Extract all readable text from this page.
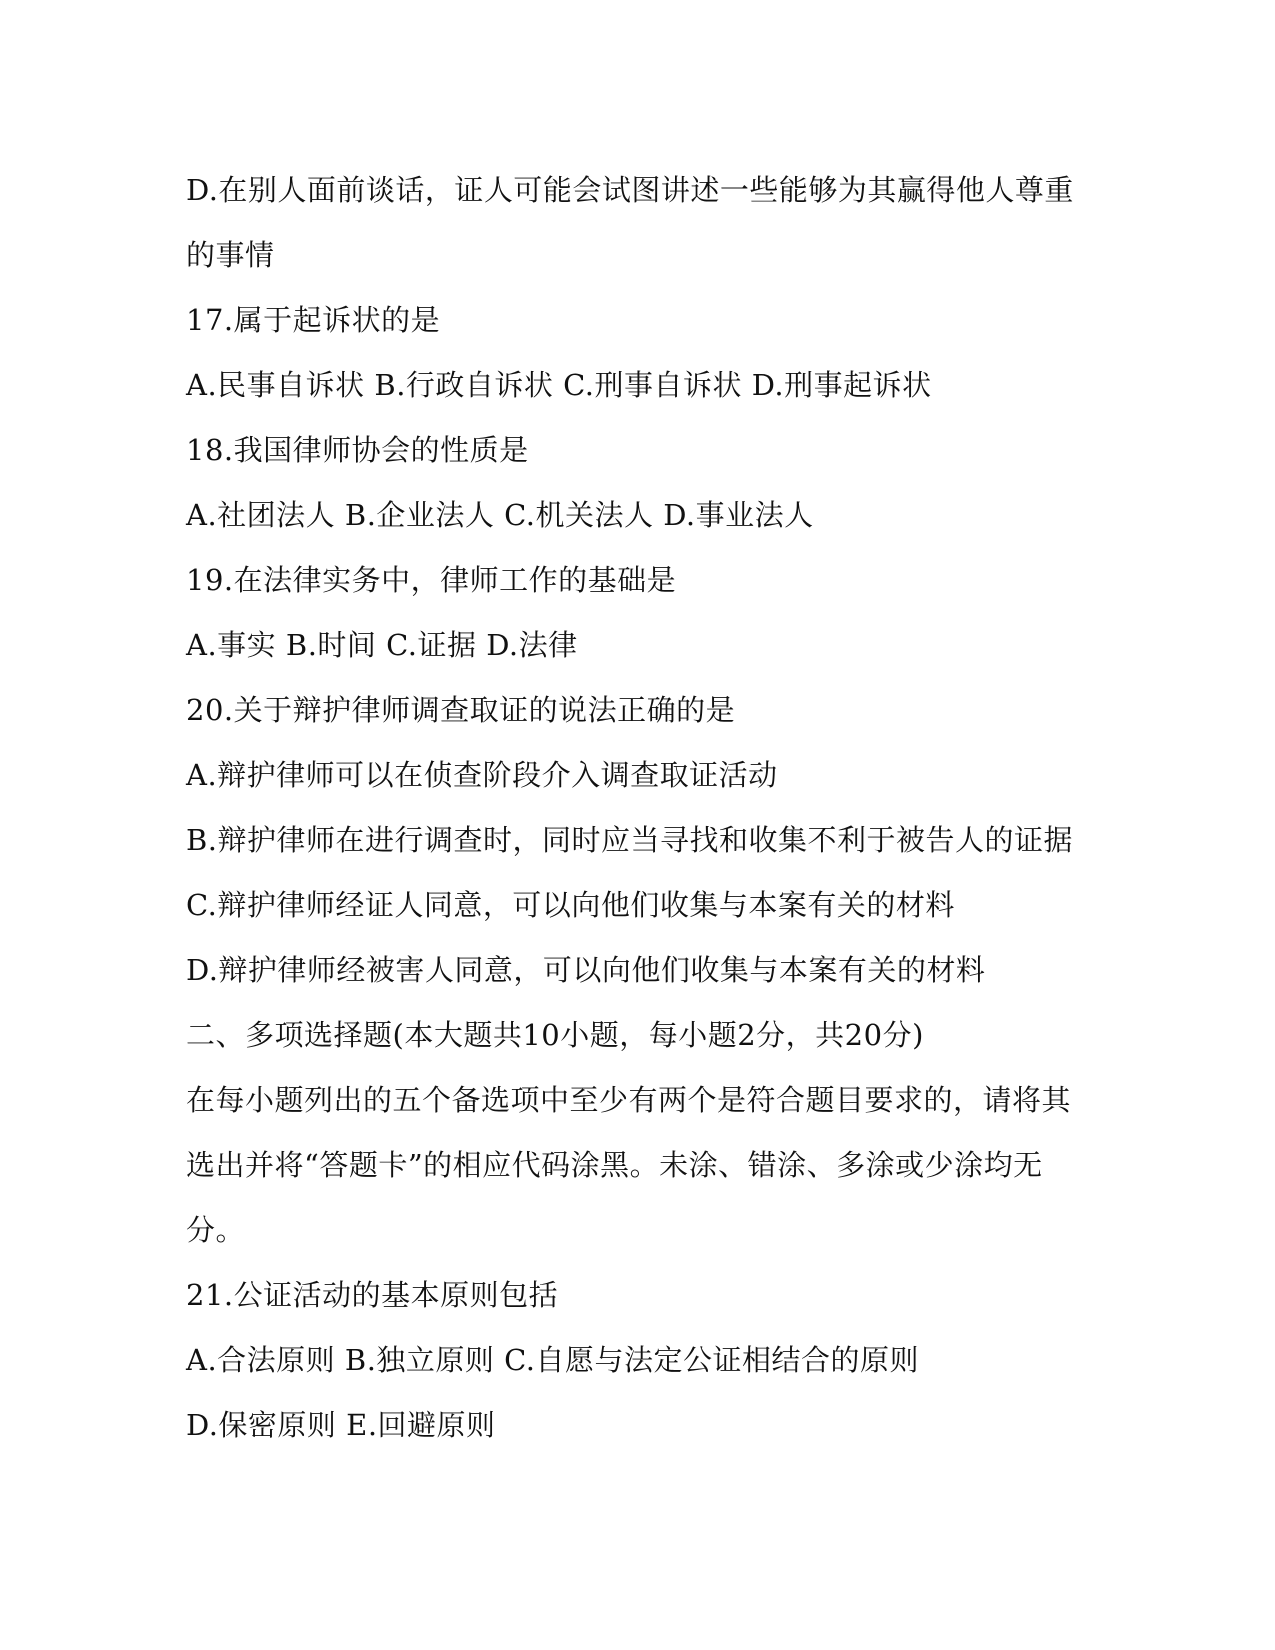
D.在别人面前谈话，证人可能会试图讲述一些能够为其赢得他人尊重
的事情
17.属于起诉状的是
A.民事自诉状 B.行政自诉状 C.刑事自诉状 D.刑事起诉状
18.我国律师协会的性质是
A.社团法人 B.企业法人 C.机关法人 D.事业法人
19.在法律实务中，律师工作的基础是
A.事实 B.时间 C.证据 D.法律
20.关于辩护律师调查取证的说法正确的是
A.辩护律师可以在侦查阶段介入调查取证活动
B.辩护律师在进行调查时，同时应当寻找和收集不利于被告人的证据
C.辩护律师经证人同意，可以向他们收集与本案有关的材料
D.辩护律师经被害人同意，可以向他们收集与本案有关的材料
二、多项选择题(本大题共10小题，每小题2分，共20分)
在每小题列出的五个备选项中至少有两个是符合题目要求的，请将其
选出并将“答题卡”的相应代码涂黑。未涂、错涂、多涂或少涂均无
分。
21.公证活动的基本原则包括
A.合法原则 B.独立原则 C.自愿与法定公证相结合的原则
D.保密原则 E.回避原则
